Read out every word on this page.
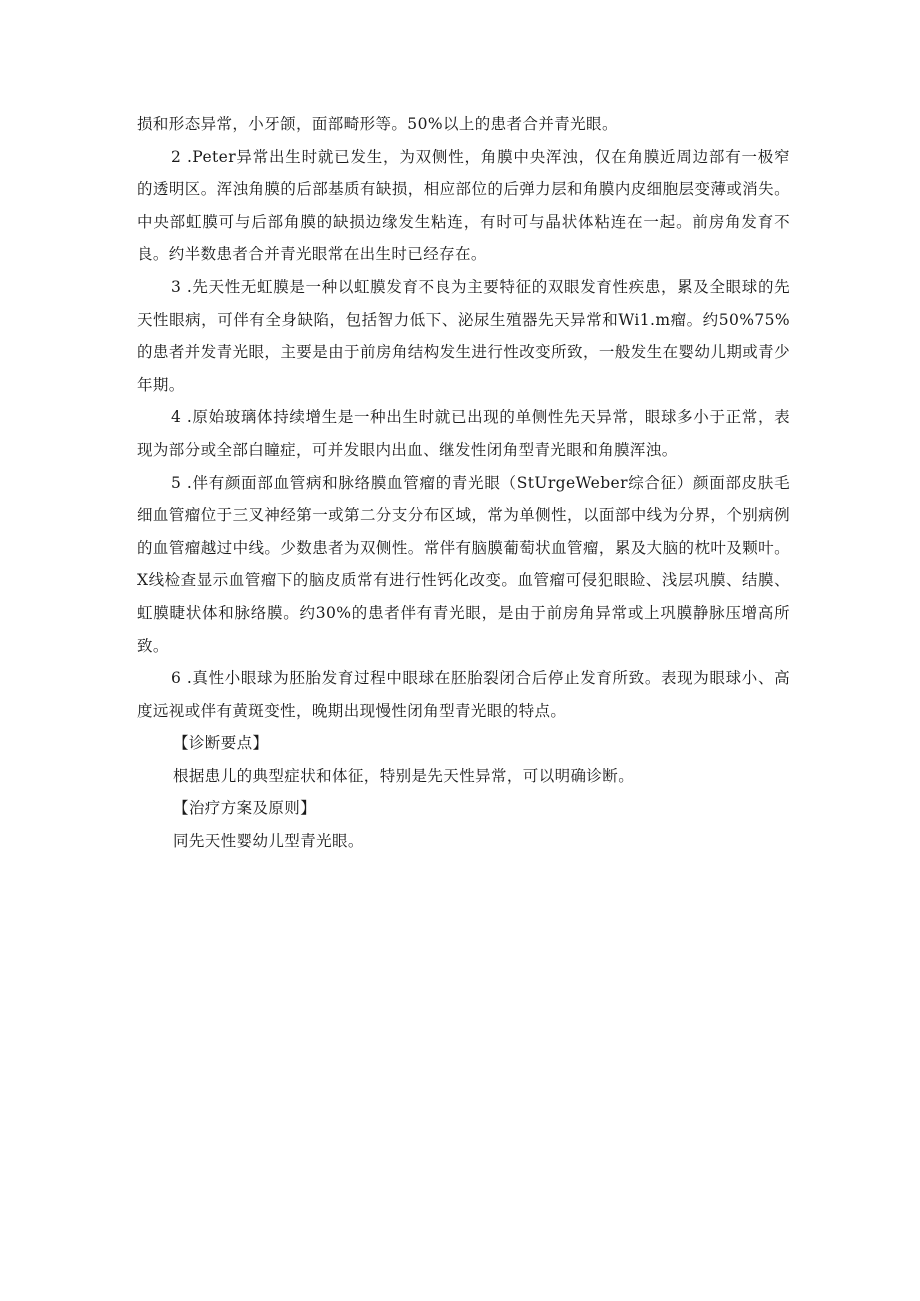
损和形态异常，小牙颌，面部畸形等。50%以上的患者合并青光眼。

2 .Peter异常出生时就已发生，为双侧性，角膜中央浑浊，仅在角膜近周边部有一极窄的透明区。浑浊角膜的后部基质有缺损，相应部位的后弹力层和角膜内皮细胞层变薄或消失。中央部虹膜可与后部角膜的缺损边缘发生粘连，有时可与晶状体粘连在一起。前房角发育不良。约半数患者合并青光眼常在出生时已经存在。

3 .先天性无虹膜是一种以虹膜发育不良为主要特征的双眼发育性疾患，累及全眼球的先天性眼病，可伴有全身缺陷，包括智力低下、泌尿生殖器先天异常和Wi1.m瘤。约50%75%的患者并发青光眼，主要是由于前房角结构发生进行性改变所致，一般发生在婴幼儿期或青少年期。

4 .原始玻璃体持续增生是一种出生时就已出现的单侧性先天异常，眼球多小于正常，表现为部分或全部白瞳症，可并发眼内出血、继发性闭角型青光眼和角膜浑浊。

5 .伴有颜面部血管病和脉络膜血管瘤的青光眼（StUrgeWeber综合征）颜面部皮肤毛细血管瘤位于三叉神经第一或第二分支分布区域，常为单侧性，以面部中线为分界，个别病例的血管瘤越过中线。少数患者为双侧性。常伴有脑膜葡萄状血管瘤，累及大脑的枕叶及颗叶。X线检查显示血管瘤下的脑皮质常有进行性钙化改变。血管瘤可侵犯眼睑、浅层巩膜、结膜、虹膜睫状体和脉络膜。约30%的患者伴有青光眼，是由于前房角异常或上巩膜静脉压增高所致。

6 .真性小眼球为胚胎发育过程中眼球在胚胎裂闭合后停止发育所致。表现为眼球小、高度远视或伴有黄斑变性，晚期出现慢性闭角型青光眼的特点。

【诊断要点】

根据患儿的典型症状和体征，特别是先天性异常，可以明确诊断。

【治疗方案及原则】

同先天性婴幼儿型青光眼。
